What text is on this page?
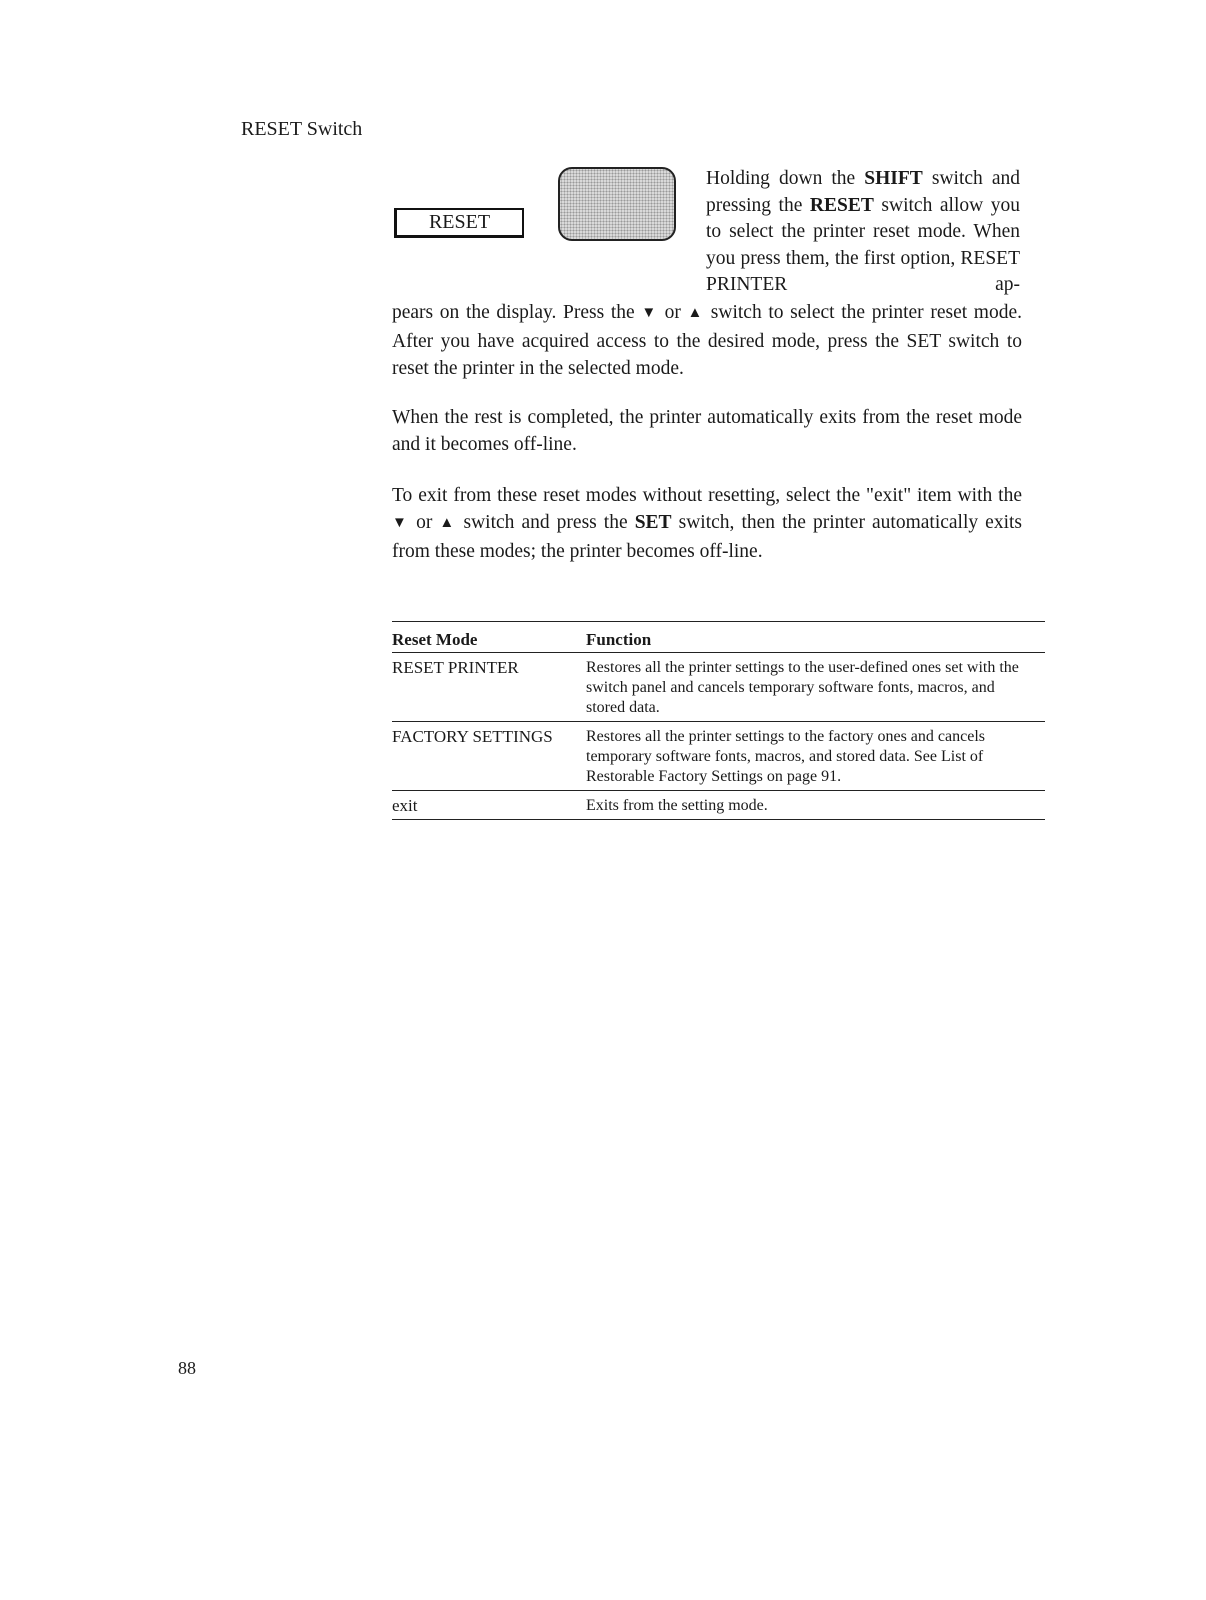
RESET Switch
RESET

Holding down the SHIFT switch and pressing the RESET switch allow you to select the printer reset mode. When you press them, the first option, RESET PRINTER ap-

pears on the display. Press the ▼ or ▲ switch to select the printer reset mode. After you have acquired access to the desired mode, press the SET switch to reset the printer in the selected mode.

When the rest is completed, the printer automatically exits from the reset mode and it becomes off-line.

To exit from these reset modes without resetting, select the "exit" item with the ▼ or ▲ switch and press the SET switch, then the printer automatically exits from these modes; the printer becomes off-line.

Reset Mode	Function
RESET PRINTER	Restores all the printer settings to the user-defined ones set with the switch panel and cancels temporary software fonts, macros, and stored data.
FACTORY SETTINGS	Restores all the printer settings to the factory ones and cancels temporary software fonts, macros, and stored data. See List of Restorable Factory Settings on page 91.
exit	Exits from the setting mode.

88
